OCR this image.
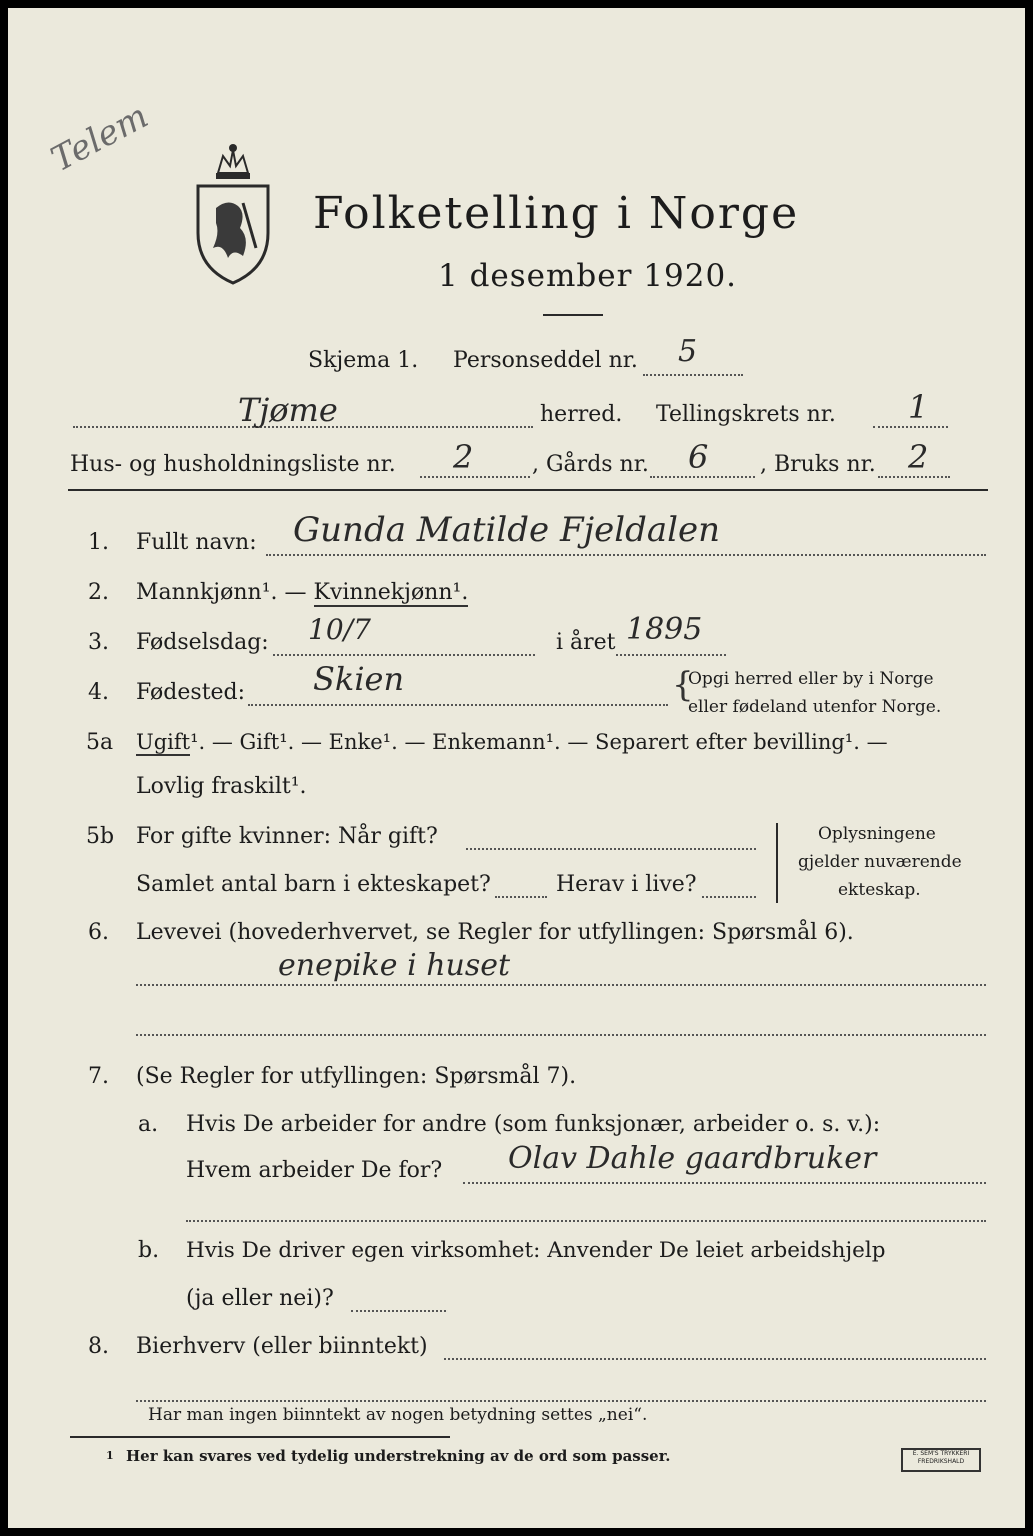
Telem
Folketelling i Norge
1 desember 1920.
Skjema 1. Personseddel nr. 5
Tjøme	herred. Tellingskrets nr. 1
Hus- og husholdningsliste nr. 2	, Gårds nr. 6 , Bruks nr. 2
1. Fullt navn: Gunda Matilde Fjeldalen
2. Mannkjønn¹. — Kvinnekjønn¹.
3. Fødselsdag: 10/7	i året 1895
4. Fødested: Skien	{
Opgi herred eller by i Norge
eller fødeland utenfor Norge.
5a Ugift¹. — Gift¹. — Enke¹. — Enkemann¹. — Separert efter bevilling¹. —
Lovlig fraskilt¹.
5b For gifte kvinner: Når gift?
Samlet antal barn i ekteskapet?	Herav i live?
Oplysningene
gjelder nuværende
ekteskap.
6. Levevei (hovederhvervet, se Regler for utfyllingen: Spørsmål 6).
enepike i huset
7. (Se Regler for utfyllingen: Spørsmål 7).
a. Hvis De arbeider for andre (som funksjonær, arbeider o. s. v.):
Hvem arbeider De for? Olav Dahle gaardbruker
b. Hvis De driver egen virksomhet: Anvender De leiet arbeidshjelp
(ja eller nei)?
8. Bierhverv (eller biinntekt)
Har man ingen biinntekt av nogen betydning settes „nei“.
1 Her kan svares ved tydelig understrekning av de ord som passer.	E. SEM'S TRYKKERI FREDRIKSHALD
